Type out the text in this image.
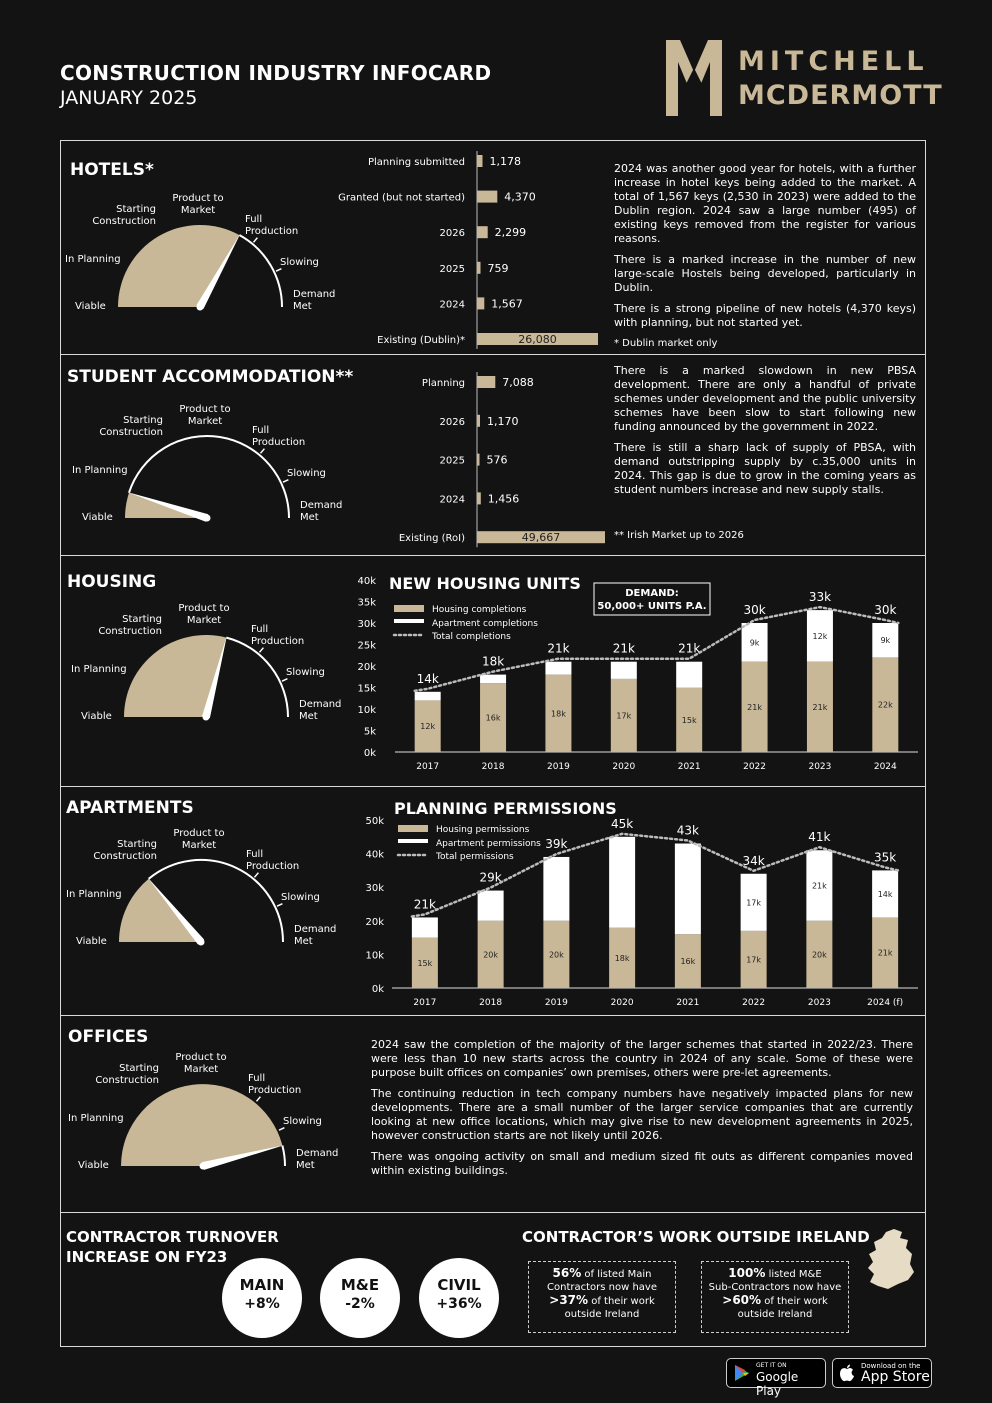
CONSTRUCTION INDUSTRY INFOCARD
JANUARY 2025
MITCHELL
MCDERMOTT
HOTELS*
STUDENT ACCOMMODATION**
HOUSING
APARTMENTS
OFFICES
Viable
In Planning
Starting
Construction
Product to
Market
Full
Production
Slowing
Demand
Met
Viable
In Planning
Starting
Construction
Product to
Market
Full
Production
Slowing
Demand
Met
Viable
In Planning
Starting
Construction
Product to
Market
Full
Production
Slowing
Demand
Met
Viable
In Planning
Starting
Construction
Product to
Market
Full
Production
Slowing
Demand
Met
Viable
In Planning
Starting
Construction
Product to
Market
Full
Production
Slowing
Demand
Met
Planning submitted 1,178
Granted (but not started)	4,370
2026	2,299
2025 759
2024 1,567
Existing (Dublin)*	26,080

2024 was another good year for hotels, with a further increase in hotel keys being added to the market. A total of 1,567 keys (2,530 in 2023) were added to the Dublin region. 2024 saw a large number (495) of existing keys removed from the register for various reasons.

There is a marked increase in the number of new large-scale Hostels being developed, particularly in Dublin.

There is a strong pipeline of new hotels (4,370 keys) with planning, but not started yet.

* Dublin market only

Planning	7,088
2026 1,170
2025 576
2024 1,456
Existing (RoI)	49,667

There is a marked slowdown in new PBSA development. There are only a handful of private schemes under development and the public university schemes have been slow to start following new funding announced by the government in 2022.

There is still a sharp lack of supply of PBSA, with demand outstripping supply by c.35,000 units in 2024. This gap is due to grow in the coming years as student numbers increase and new supply stalls.

** Irish Market up to 2026
NEW HOUSING UNITS
0k
5k
10k
15k
20k
25k
30k
35k
40k
12k
14k
2017
16k
18k
2018
18k
21k
2019
17k
21k
2020
15k
21k
2021
21k
9k
30k
2022
21k
12k
33k
2023
22k
9k
30k
2024
Housing completions
Apartment completions
Total completions
DEMAND:
50,000+ UNITS P.A.
PLANNING PERMISSIONS
0k
10k
20k
30k
40k
50k
15k
21k
2017
20k
29k
2018
20k
39k
2019
18k
45k
2020
16k
43k
2021
17k
17k
34k
2022
20k
21k
41k
2023
21k
14k
35k
2024 (f)
Housing permissions
Apartment permissions
Total permissions

2024 saw the completion of the majority of the larger schemes that started in 2022/23. There were less than 10 new starts across the country in 2024 of any scale. Some of these were purpose built offices on companies’ own premises, others were pre-let agreements.

The continuing reduction in tech company numbers have negatively impacted plans for new developments. There are a small number of the larger service companies that are currently looking at new office locations, which may give rise to new development agreements in 2025, however construction starts are not likely until 2026.

There was ongoing activity on small and medium sized fit outs as different companies moved within existing buildings.

CONTRACTOR TURNOVER
INCREASE ON FY23
MAIN
+8%
M&E
-2%
CIVIL
+36%
CONTRACTOR’S WORK OUTSIDE IRELAND
56% of listed Main
Contractors now have
>37% of their work
outside Ireland
100% listed M&E
Sub-Contractors now have
>60% of their work
outside Ireland
GET IT ON
Google Play
Download on the
App Store
